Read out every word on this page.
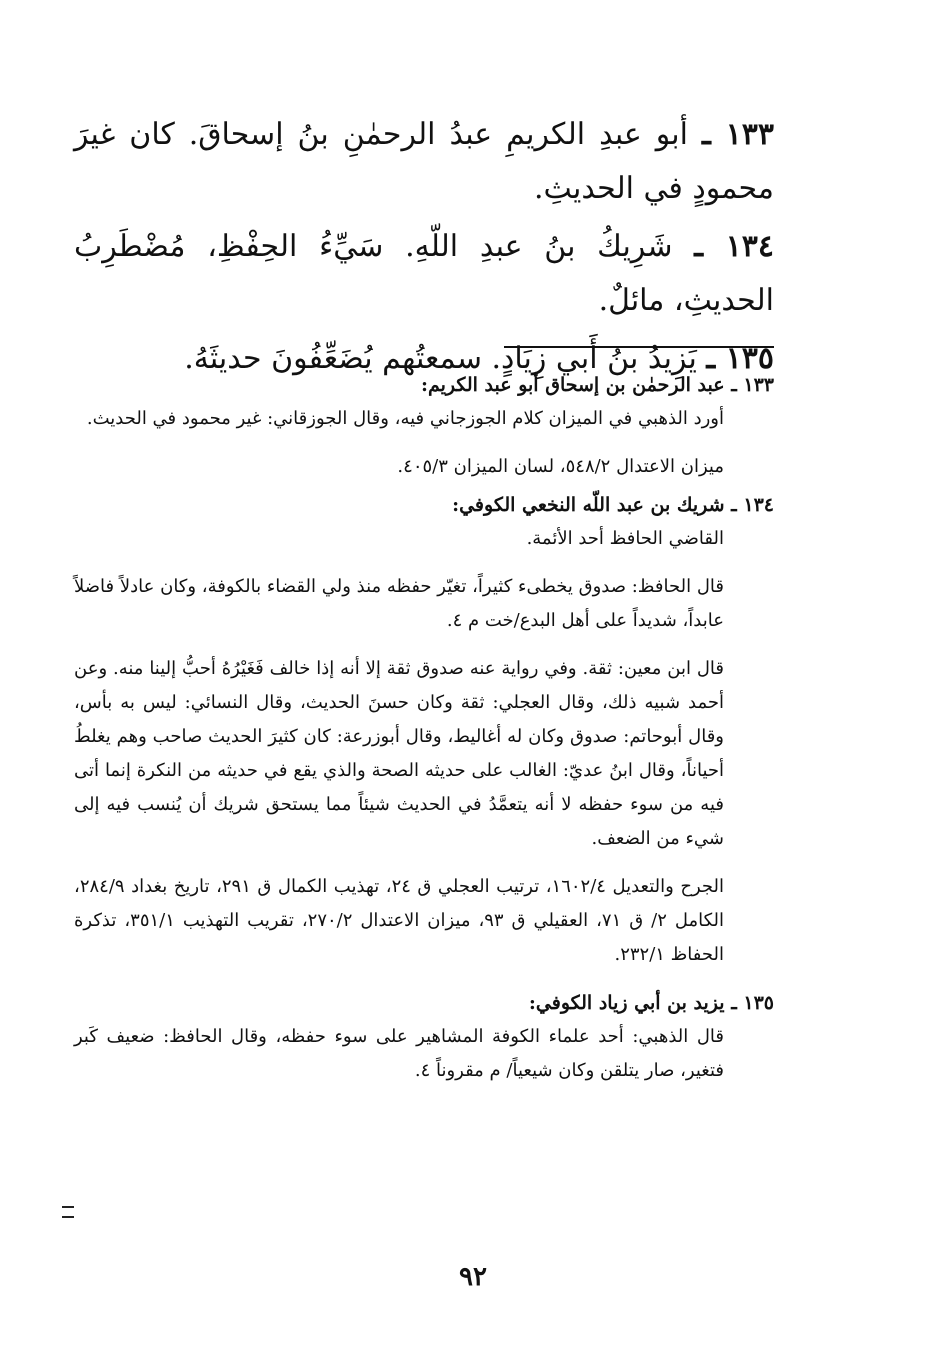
١٣٣ ـ أبو عبدِ الكريمِ عبدُ الرحمٰنِ بنُ إسحاقَ. كان غيرَ محمودٍ في الحديثِ.

١٣٤ ـ شَرِيكُ بنُ عبدِ اللّهِ. سَيِّءُ الحِفْظِ، مُضْطَرِبُ الحديثِ، مائلٌ.

١٣٥ ـ يَزِيدُ بنُ أَبي زِيَادٍ. سمعتُهم يُضَعِّفُونَ حديثَهُ.

١٣٣ ـ عبد الرحمٰن بن إسحاق أبو عبد الكريم:

أورد الذهبي في الميزان كلام الجوزجاني فيه، وقال الجوزقاني: غير محمود في الحديث.

ميزان الاعتدال ٥٤٨/٢، لسان الميزان ٤٠٥/٣.

١٣٤ ـ شريك بن عبد اللّه النخعي الكوفي:

القاضي الحافظ أحد الأئمة.

قال الحافظ: صدوق يخطىء كثيراً، تغيّر حفظه منذ ولي القضاء بالكوفة، وكان عادلاً فاضلاً عابداً، شديداً على أهل البدع/خت م ٤.

قال ابن معين: ثقة. وفي رواية عنه صدوق ثقة إلا أنه إذا خالف فَغَيْرُهُ أحبُّ إلينا منه. وعن أحمد شبيه ذلك، وقال العجلي: ثقة وكان حسنَ الحديث، وقال النسائي: ليس به بأس، وقال أبوحاتم: صدوق وكان له أغاليط، وقال أبوزرعة: كان كثيرَ الحديث صاحب وهم يغلطُ أحياناً، وقال ابنُ عديّ: الغالب على حديثه الصحة والذي يقع في حديثه من النكرة إنما أتى فيه من سوء حفظه لا أنه يتعمَّدُ في الحديث شيئاً مما يستحق شريك أن يُنسب فيه إلى شيء من الضعف.

الجرح والتعديل ١٦٠٢/٤، ترتيب العجلي ق ٢٤، تهذيب الكمال ق ٢٩١، تاريخ بغداد ٢٨٤/٩، الكامل ٢/ ق ٧١، العقيلي ق ٩٣، ميزان الاعتدال ٢٧٠/٢، تقريب التهذيب ٣٥١/١، تذكرة الحفاظ ٢٣٢/١.

١٣٥ ـ يزيد بن أبي زياد الكوفي:

قال الذهبي: أحد علماء الكوفة المشاهير على سوء حفظه، وقال الحافظ: ضعيف كَبر فتغير، صار يتلقن وكان شيعياً/ م مقروناً ٤.

٩٢
